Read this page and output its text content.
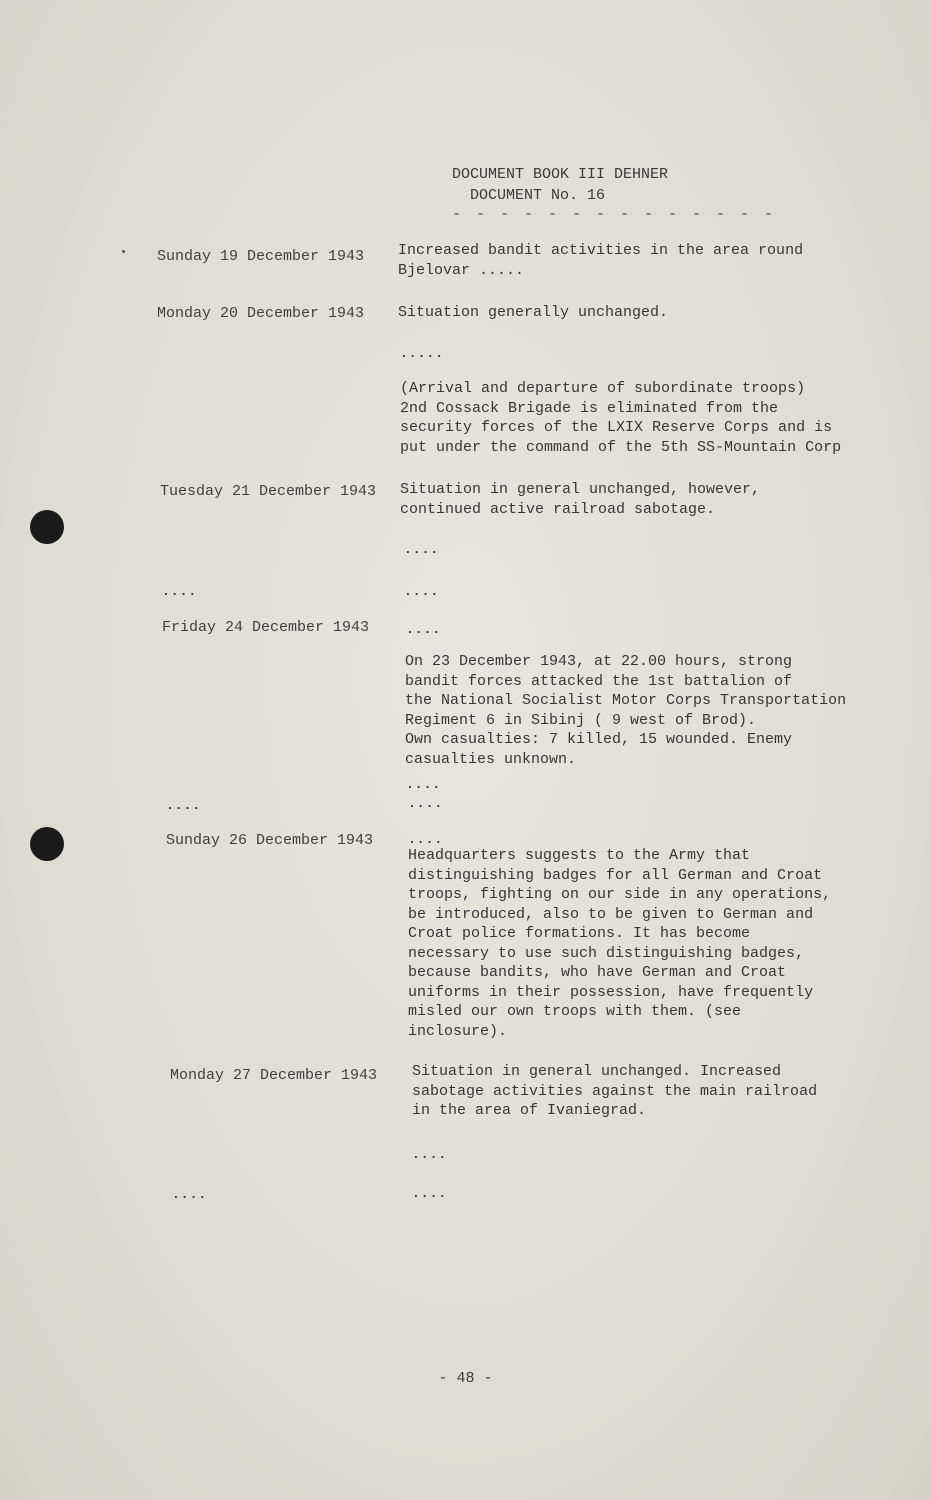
DOCUMENT BOOK III DEHNER
DOCUMENT No. 16
- - - - - - - - - - - - - -
Sunday 19 December 1943 Increased bandit activities in the area round
Bjelovar .....
Monday 20 December 1943 Situation generally unchanged.
.....
(Arrival and departure of subordinate troops)
2nd Cossack Brigade is eliminated from the
security forces of the LXIX Reserve Corps and is
put under the command of the 5th SS-Mountain Corp
Tuesday 21 December 1943 Situation in general unchanged, however,
continued active railroad sabotage.
....
....	....
Friday 24 December 1943	....
On 23 December 1943, at 22.00 hours, strong
bandit forces attacked the 1st battalion of
the National Socialist Motor Corps Transportation
Regiment 6 in Sibinj ( 9 west of Brod).
Own casualties: 7 killed, 15 wounded. Enemy
casualties unknown.
....
....	....
Sunday 26 December 1943	....
Headquarters suggests to the Army that
distinguishing badges for all German and Croat
troops, fighting on our side in any operations,
be introduced, also to be given to German and
Croat police formations. It has become
necessary to use such distinguishing badges,
because bandits, who have German and Croat
uniforms in their possession, have frequently
misled our own troops with them. (see
inclosure).
Monday 27 December 1943 Situation in general unchanged. Increased
sabotage activities against the main railroad
in the area of Ivaniegrad.
....
....	....
- 48 -
